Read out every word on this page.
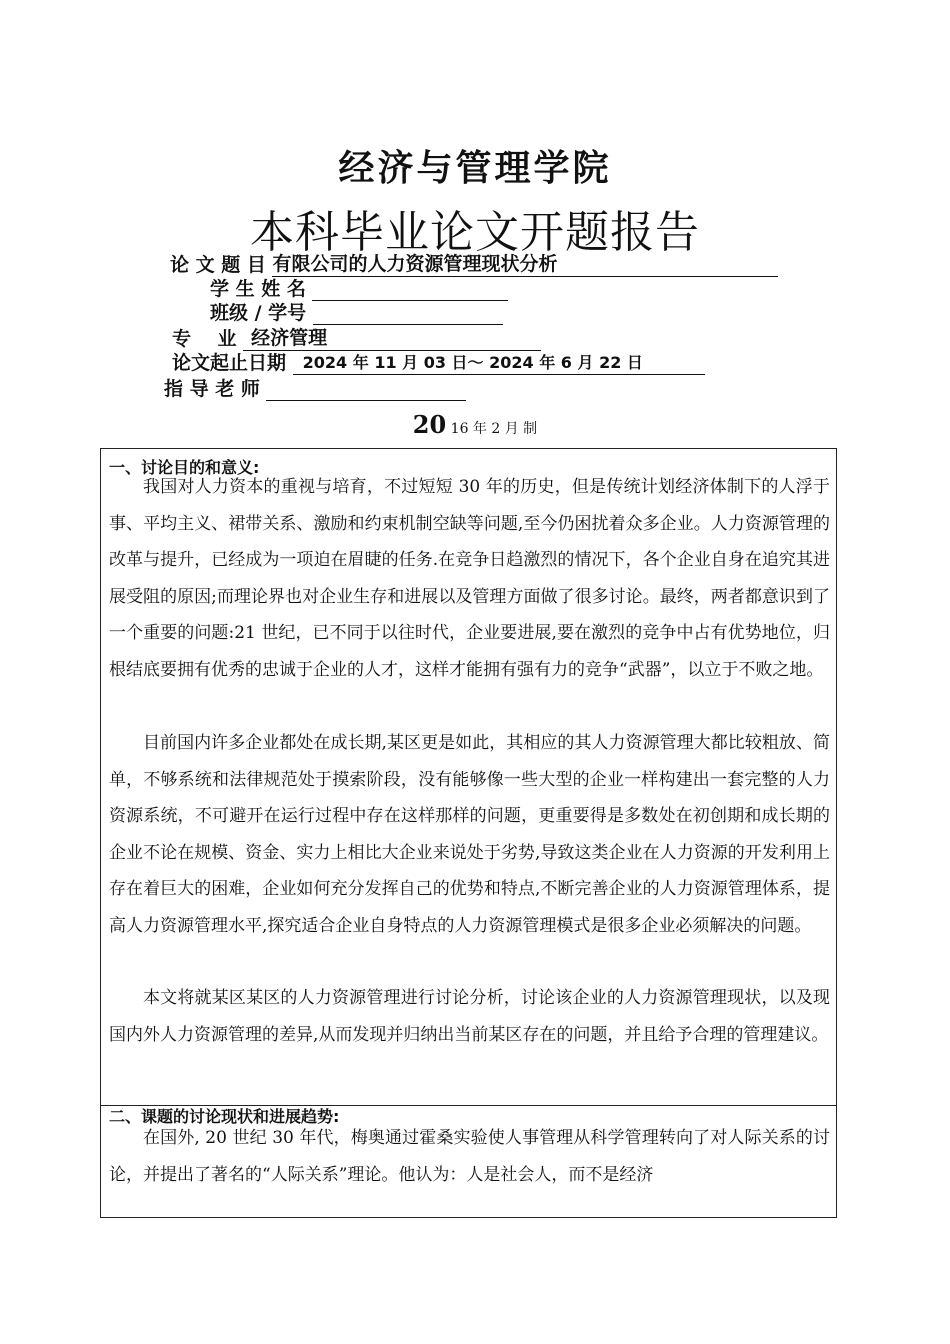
经济与管理学院
本科毕业论文开题报告
论 文 题 目 有限公司的人力资源管理现状分析
学 生 姓 名
班级 / 学号
专    业 经济管理
论文起止日期 2024 年 11 月 03 日～ 2024 年 6 月 22 日
指 导 老 师
20 16 年 2 月 制
一、讨论目的和意义:

我国对人力资本的重视与培育，不过短短 30 年的历史，但是传统计划经济体制下的人浮于事、平均主义、裙带关系、激励和约束机制空缺等问题,至今仍困扰着众多企业。人力资源管理的改革与提升，已经成为一项迫在眉睫的任务.在竞争日趋激烈的情况下，各个企业自身在追究其进展受阻的原因;而理论界也对企业生存和进展以及管理方面做了很多讨论。最终，两者都意识到了一个重要的问题:21 世纪，已不同于以往时代，企业要进展,要在激烈的竞争中占有优势地位，归根结底要拥有优秀的忠诚于企业的人才，这样才能拥有强有力的竞争“武器”，以立于不败之地。

目前国内许多企业都处在成长期,某区更是如此，其相应的其人力资源管理大都比较粗放、简单，不够系统和法律规范处于摸索阶段，没有能够像一些大型的企业一样构建出一套完整的人力资源系统，不可避开在运行过程中存在这样那样的问题，更重要得是多数处在初创期和成长期的企业不论在规模、资金、实力上相比大企业来说处于劣势,导致这类企业在人力资源的开发利用上存在着巨大的困难，企业如何充分发挥自己的优势和特点,不断完善企业的人力资源管理体系，提高人力资源管理水平,探究适合企业自身特点的人力资源管理模式是很多企业必须解决的问题。

本文将就某区某区的人力资源管理进行讨论分析，讨论该企业的人力资源管理现状，以及现国内外人力资源管理的差异,从而发现并归纳出当前某区存在的问题，并且给予合理的管理建议。

二、课题的讨论现状和进展趋势:

在国外, 20 世纪 30 年代，梅奥通过霍桑实验使人事管理从科学管理转向了对人际关系的讨论，并提出了著名的“人际关系”理论。他认为：人是社会人，而不是经济
